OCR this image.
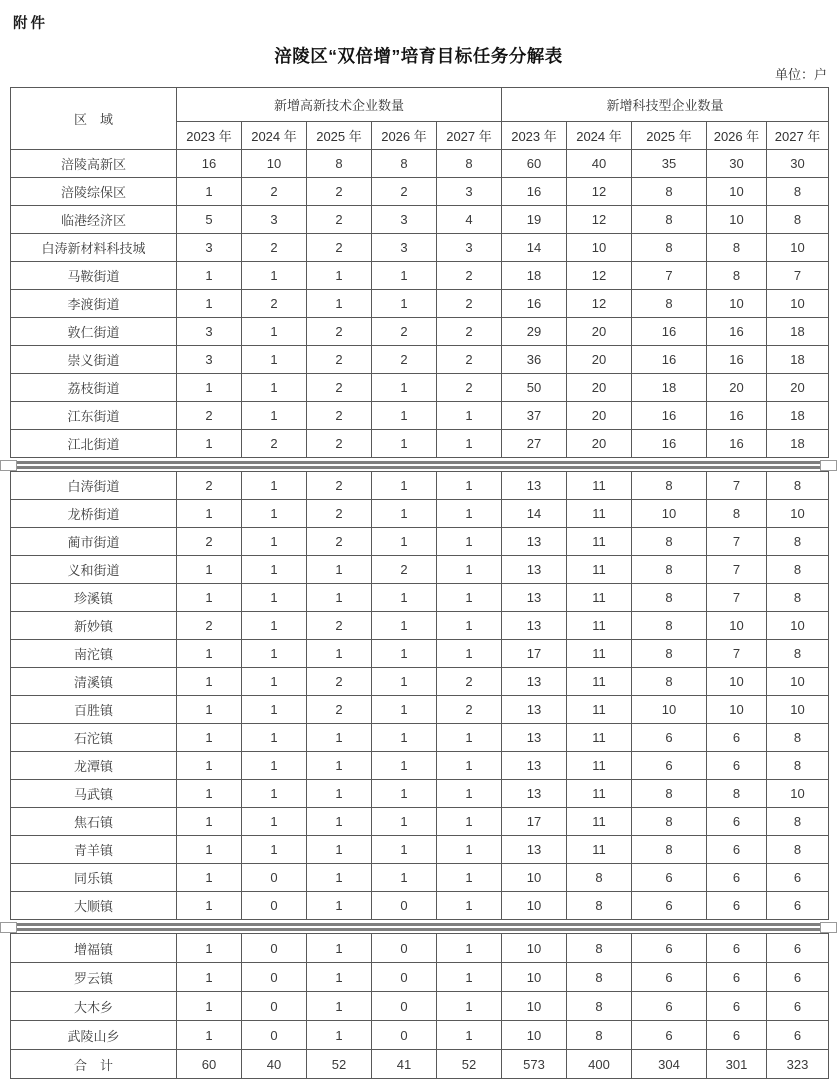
附件
涪陵区“双倍增”培育目标任务分解表
单位：户
区　域	新增高新技术企业数量					新增科技型企业数量				
	2023 年	2024 年	2025 年	2026 年	2027 年	2023 年	2024 年	2025 年	2026 年	2027 年
涪陵高新区	16	10	8	8	8	60	40	35	30	30
涪陵综保区	1	2	2	2	3	16	12	8	10	8
临港经济区	5	3	2	3	4	19	12	8	10	8
白涛新材料科技城	3	2	2	3	3	14	10	8	8	10
马鞍街道	1	1	1	1	2	18	12	7	8	7
李渡街道	1	2	1	1	2	16	12	8	10	10
敦仁街道	3	1	2	2	2	29	20	16	16	18
崇义街道	3	1	2	2	2	36	20	16	16	18
荔枝街道	1	1	2	1	2	50	20	18	20	20
江东街道	2	1	2	1	1	37	20	16	16	18
江北街道	1	2	2	1	1	27	20	16	16	18
白涛街道	2	1	2	1	1	13	11	8	7	8
龙桥街道	1	1	2	1	1	14	11	10	8	10
蔺市街道	2	1	2	1	1	13	11	8	7	8
义和街道	1	1	1	2	1	13	11	8	7	8
珍溪镇	1	1	1	1	1	13	11	8	7	8
新妙镇	2	1	2	1	1	13	11	8	10	10
南沱镇	1	1	1	1	1	17	11	8	7	8
清溪镇	1	1	2	1	2	13	11	8	10	10
百胜镇	1	1	2	1	2	13	11	10	10	10
石沱镇	1	1	1	1	1	13	11	6	6	8
龙潭镇	1	1	1	1	1	13	11	6	6	8
马武镇	1	1	1	1	1	13	11	8	8	10
焦石镇	1	1	1	1	1	17	11	8	6	8
青羊镇	1	1	1	1	1	13	11	8	6	8
同乐镇	1	0	1	1	1	10	8	6	6	6
大顺镇	1	0	1	0	1	10	8	6	6	6
增福镇	1	0	1	0	1	10	8	6	6	6
罗云镇	1	0	1	0	1	10	8	6	6	6
大木乡	1	0	1	0	1	10	8	6	6	6
武陵山乡	1	0	1	0	1	10	8	6	6	6
合　计	60	40	52	41	52	573	400	304	301	323
